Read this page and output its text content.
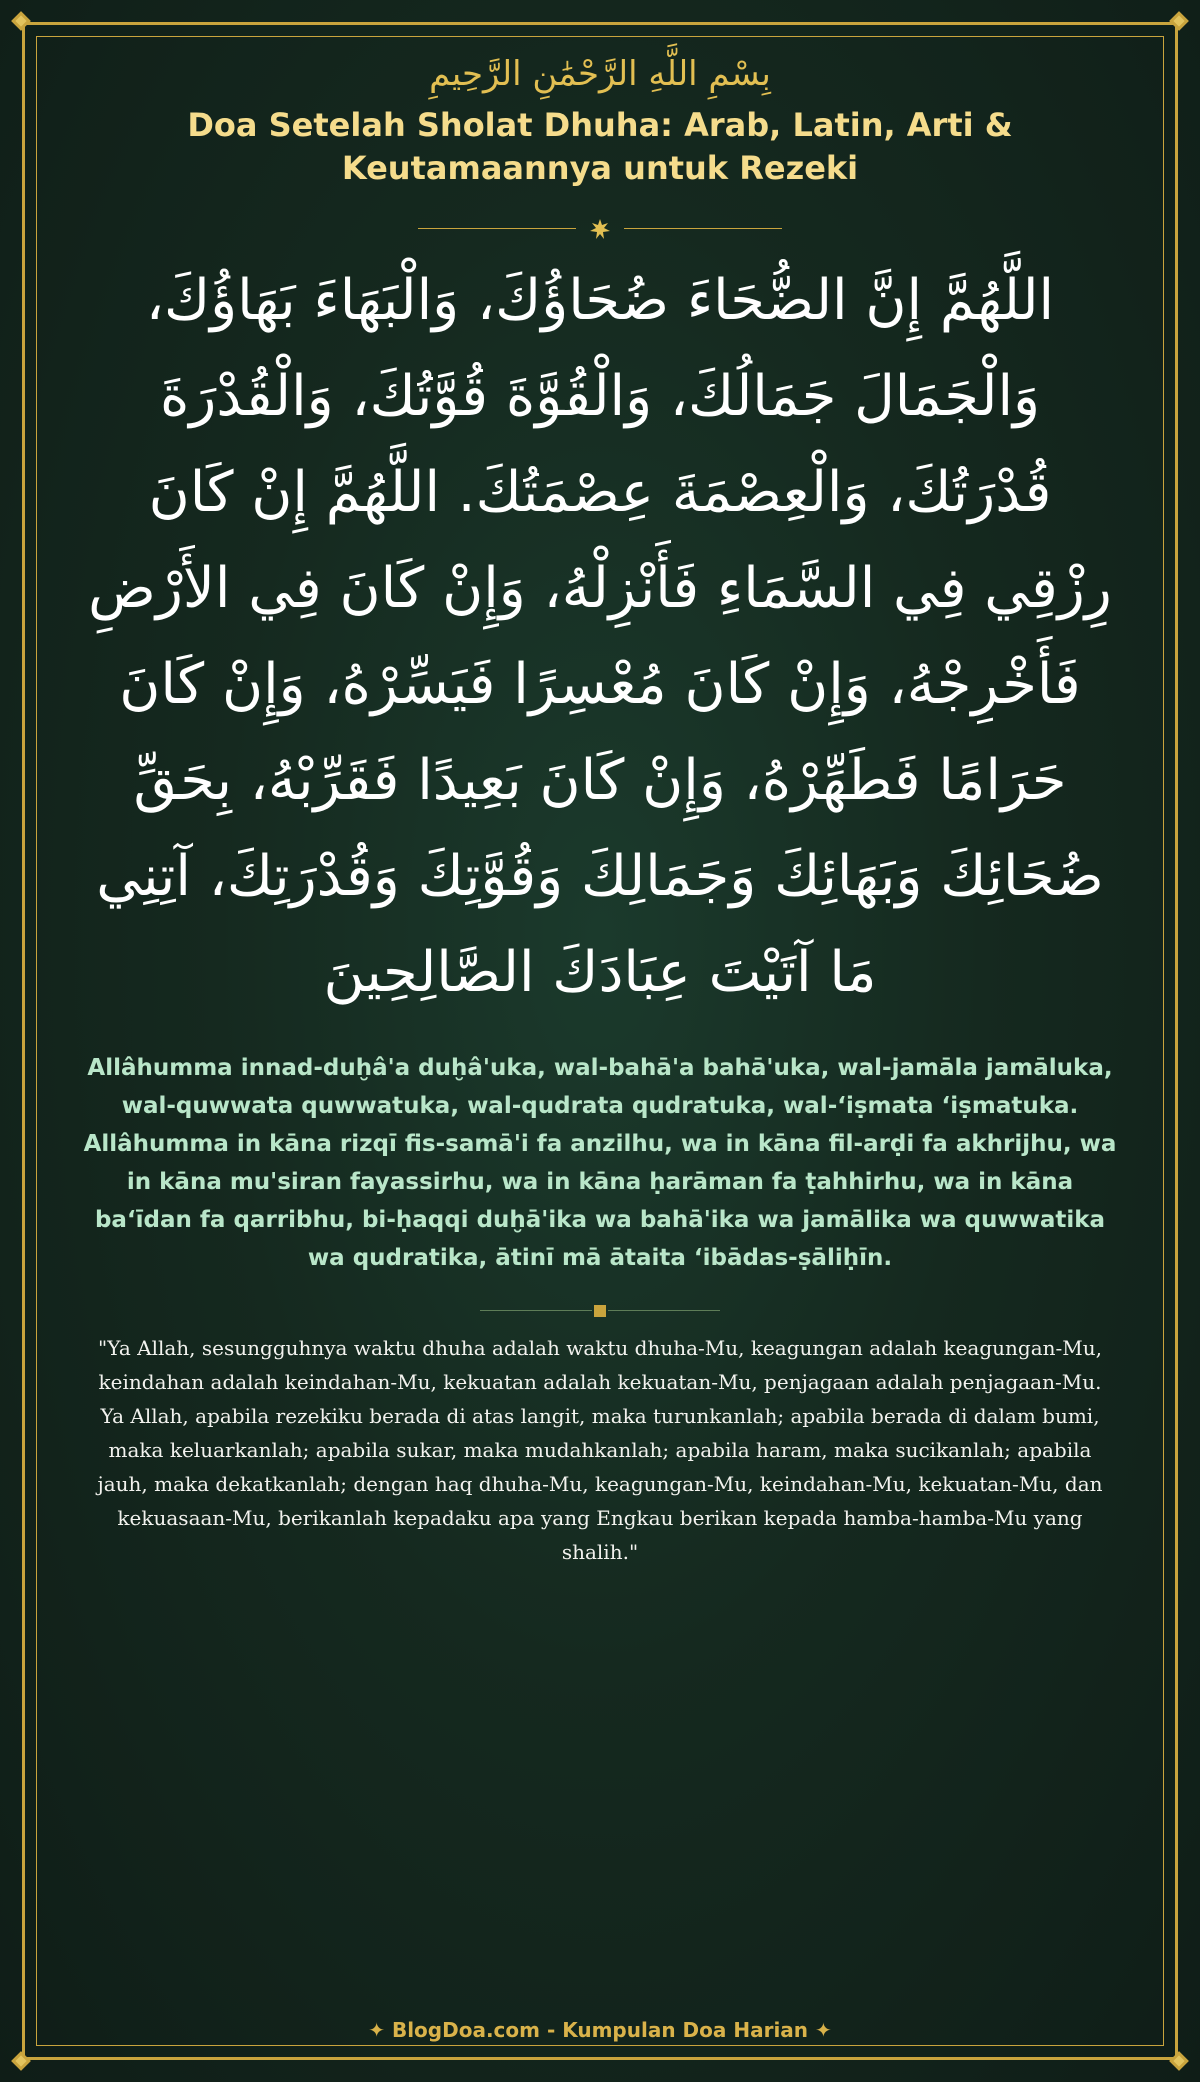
بِسْمِ اللَّهِ الرَّحْمَٰنِ الرَّحِيمِ
Doa Setelah Sholat Dhuha: Arab, Latin, Arti & Keutamaannya untuk Rezeki
اللَّهُمَّ إِنَّ الضُّحَاءَ ضُحَاؤُكَ، وَالْبَهَاءَ بَهَاؤُكَ، وَالْجَمَالَ جَمَالُكَ، وَالْقُوَّةَ قُوَّتُكَ، وَالْقُدْرَةَ قُدْرَتُكَ، وَالْعِصْمَةَ عِصْمَتُكَ. اللَّهُمَّ إِنْ كَانَ رِزْقِي فِي السَّمَاءِ فَأَنْزِلْهُ، وَإِنْ كَانَ فِي الأَرْضِ فَأَخْرِجْهُ، وَإِنْ كَانَ مُعْسِرًا فَيَسِّرْهُ، وَإِنْ كَانَ حَرَامًا فَطَهِّرْهُ، وَإِنْ كَانَ بَعِيدًا فَقَرِّبْهُ، بِحَقِّ ضُحَائِكَ وَبَهَائِكَ وَجَمَالِكَ وَقُوَّتِكَ وَقُدْرَتِكَ، آتِنِي مَا آتَيْتَ عِبَادَكَ الصَّالِحِينَ
Allâhumma innad-duḫâ'a duḫâ'uka, wal-bahā'a bahā'uka, wal-jamāla jamāluka, wal-quwwata quwwatuka, wal-qudrata qudratuka, wal-‘iṣmata ‘iṣmatuka. Allâhumma in kāna rizqī fis-samā'i fa anzilhu, wa in kāna fil-arḍi fa akhrijhu, wa in kāna mu'siran fayassirhu, wa in kāna ḥarāman fa ṭahhirhu, wa in kāna ba‘īdan fa qarribhu, bi-ḥaqqi duḫā'ika wa bahā'ika wa jamālika wa quwwatika wa qudratika, ātinī mā ātaita ‘ibādas-ṣāliḥīn.
"Ya Allah, sesungguhnya waktu dhuha adalah waktu dhuha-Mu, keagungan adalah keagungan-Mu, keindahan adalah keindahan-Mu, kekuatan adalah kekuatan-Mu, penjagaan adalah penjagaan-Mu. Ya Allah, apabila rezekiku berada di atas langit, maka turunkanlah; apabila berada di dalam bumi, maka keluarkanlah; apabila sukar, maka mudahkanlah; apabila haram, maka sucikanlah; apabila jauh, maka dekatkanlah; dengan haq dhuha-Mu, keagungan-Mu, keindahan-Mu, kekuatan-Mu, dan kekuasaan-Mu, berikanlah kepadaku apa yang Engkau berikan kepada hamba-hamba-Mu yang shalih."
✦ BlogDoa.com - Kumpulan Doa Harian ✦
